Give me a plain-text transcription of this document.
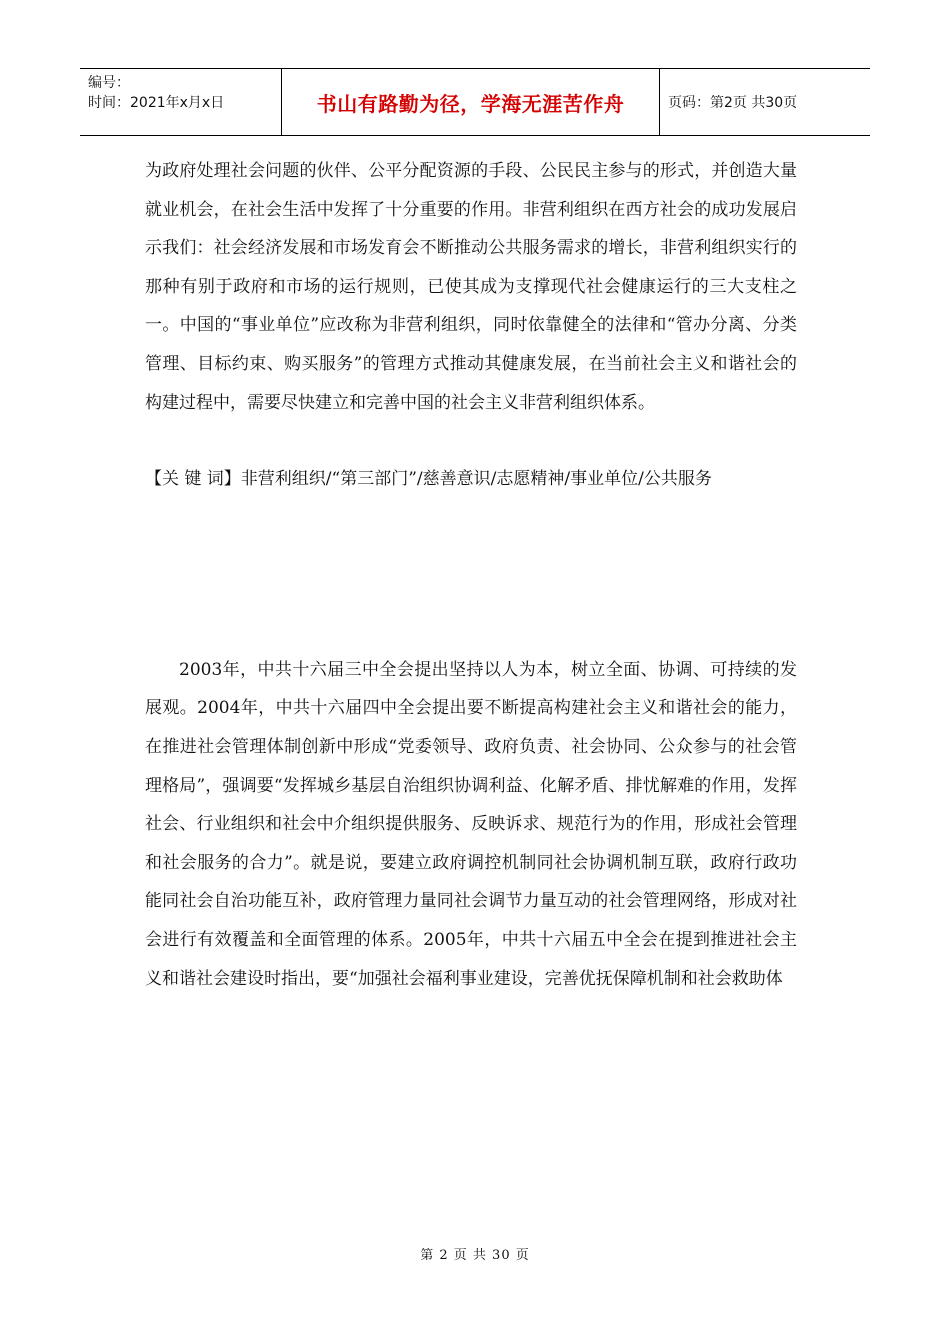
编号：
时间：2021年x月x日	书山有路勤为径，学海无涯苦作舟	页码：第2页 共30页

为政府处理社会问题的伙伴、公平分配资源的手段、公民民主参与的形式，并创造大量就业机会，在社会生活中发挥了十分重要的作用。非营利组织在西方社会的成功发展启示我们：社会经济发展和市场发育会不断推动公共服务需求的增长，非营利组织实行的那种有别于政府和市场的运行规则，已使其成为支撑现代社会健康运行的三大支柱之一。中国的“事业单位”应改称为非营利组织，同时依靠健全的法律和“管办分离、分类管理、目标约束、购买服务”的管理方式推动其健康发展，在当前社会主义和谐社会的构建过程中，需要尽快建立和完善中国的社会主义非营利组织体系。

【关 键 词】非营利组织/“第三部门”/慈善意识/志愿精神/事业单位/公共服务

2003年，中共十六届三中全会提出坚持以人为本，树立全面、协调、可持续的发展观。2004年，中共十六届四中全会提出要不断提高构建社会主义和谐社会的能力，在推进社会管理体制创新中形成“党委领导、政府负责、社会协同、公众参与的社会管理格局”，强调要“发挥城乡基层自治组织协调利益、化解矛盾、排忧解难的作用，发挥社会、行业组织和社会中介组织提供服务、反映诉求、规范行为的作用，形成社会管理和社会服务的合力”。就是说，要建立政府调控机制同社会协调机制互联，政府行政功能同社会自治功能互补，政府管理力量同社会调节力量互动的社会管理网络，形成对社会进行有效覆盖和全面管理的体系。2005年，中共十六届五中全会在提到推进社会主义和谐社会建设时指出，要“加强社会福利事业建设，完善优抚保障机制和社会救助体

第 2 页 共 30 页
